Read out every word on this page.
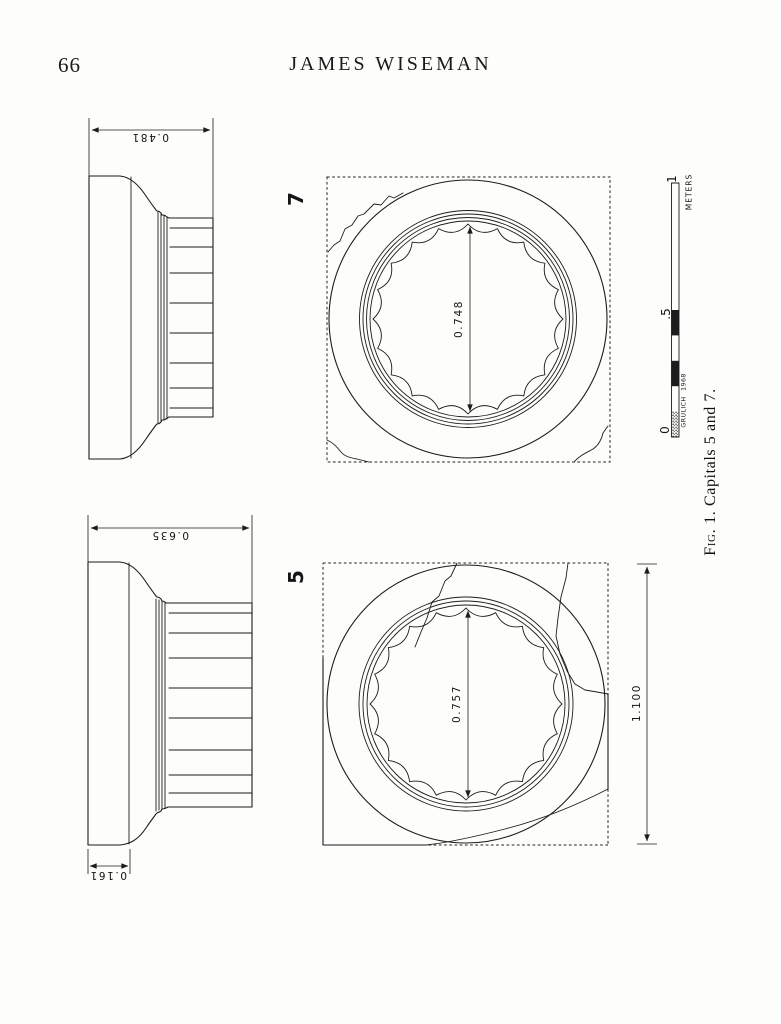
66	JAMES WISEMAN
0.481
0.635
0.161
7
0.748
5
0.757	1.100
0
.5
1 METERS
1968
GRULICH
Fig.1. Capitals 5 and 7.
